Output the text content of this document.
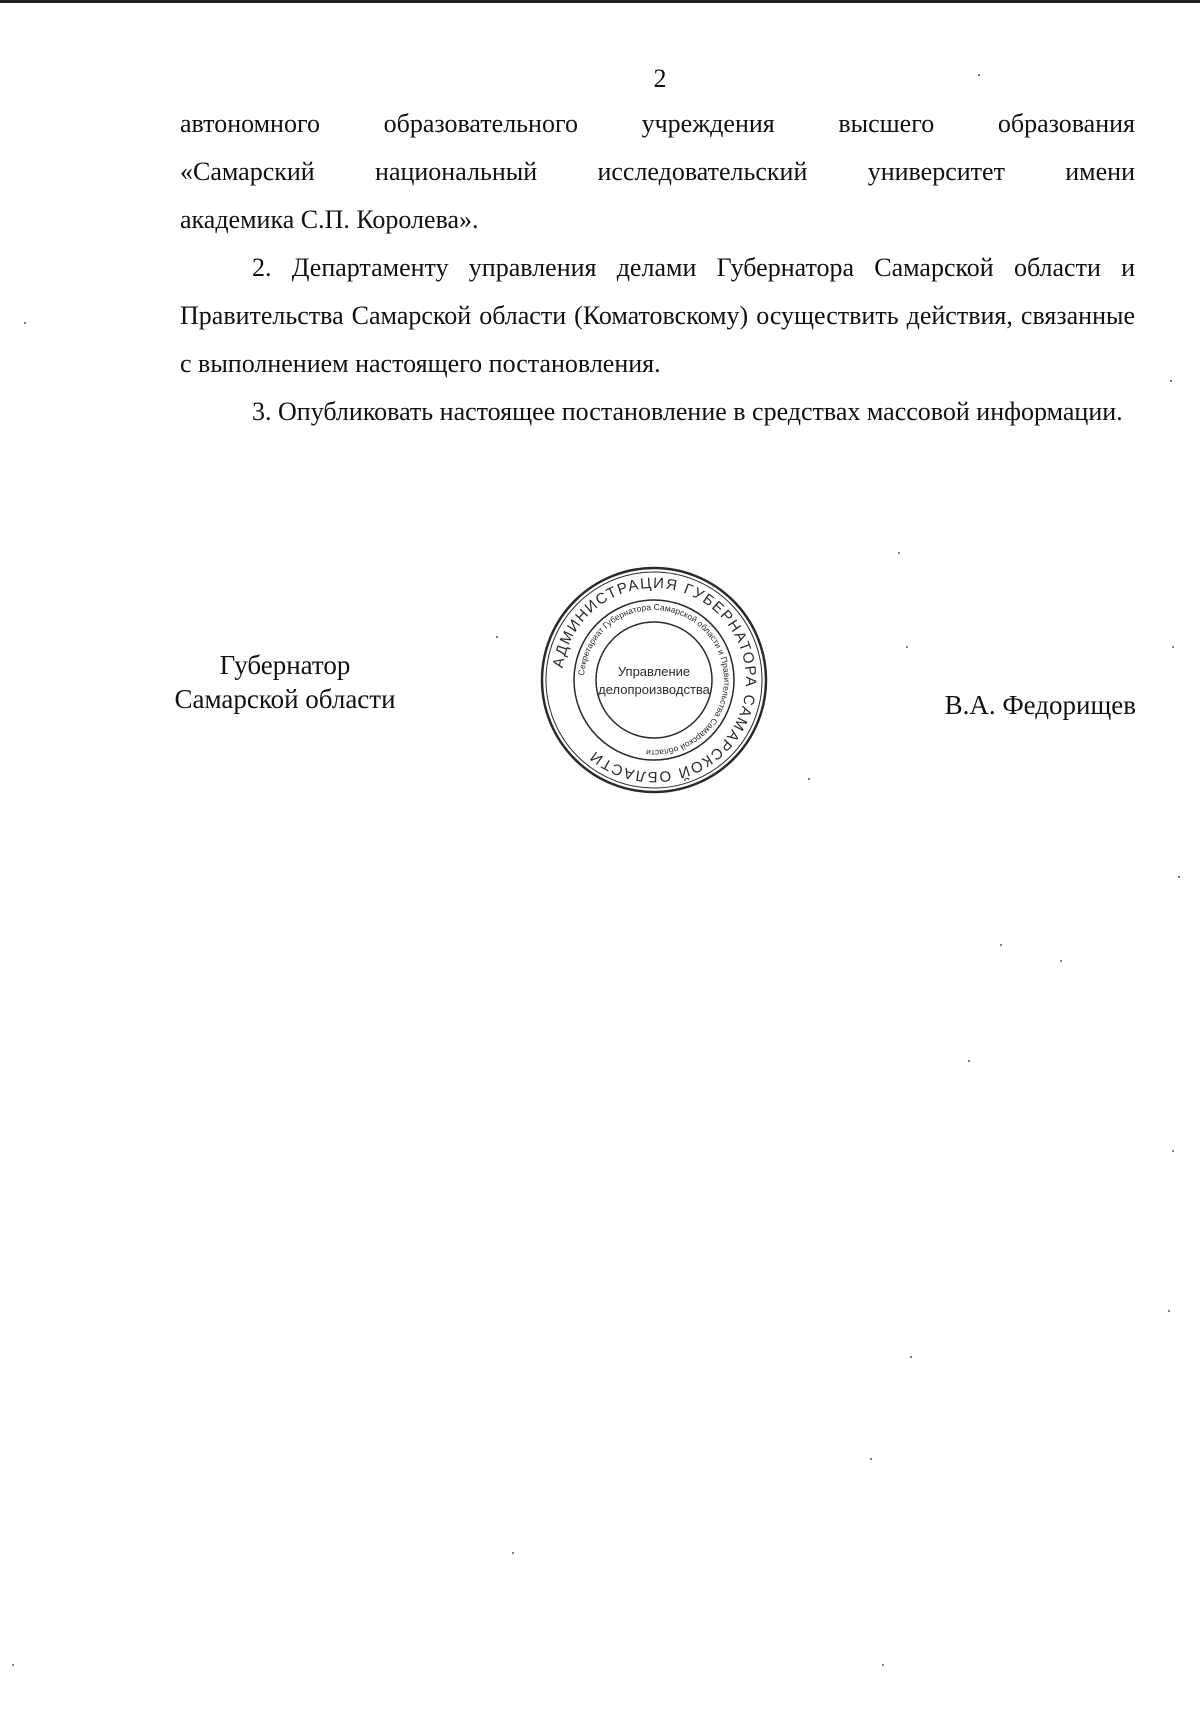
2

автономного образовательного учреждения высшего образования

«Самарский национальный исследовательский университет имени

академика С.П. Королева».

2. Департаменту управления делами Губернатора Самарской области и Правительства Самарской области (Коматовскому) осуществить действия, связанные с выполнением настоящего постановления.

3. Опубликовать настоящее постановление в средствах массовой информации.

Губернатор
Самарской области
АДМИНИСТРАЦИЯ ГУБЕРНАТОРА САМАРСКОЙ ОБЛАСТИ
Секретариат Губернатора Самарской области и Правительства Самарской области
Управление
делопроизводства
В.А. Федорищев
